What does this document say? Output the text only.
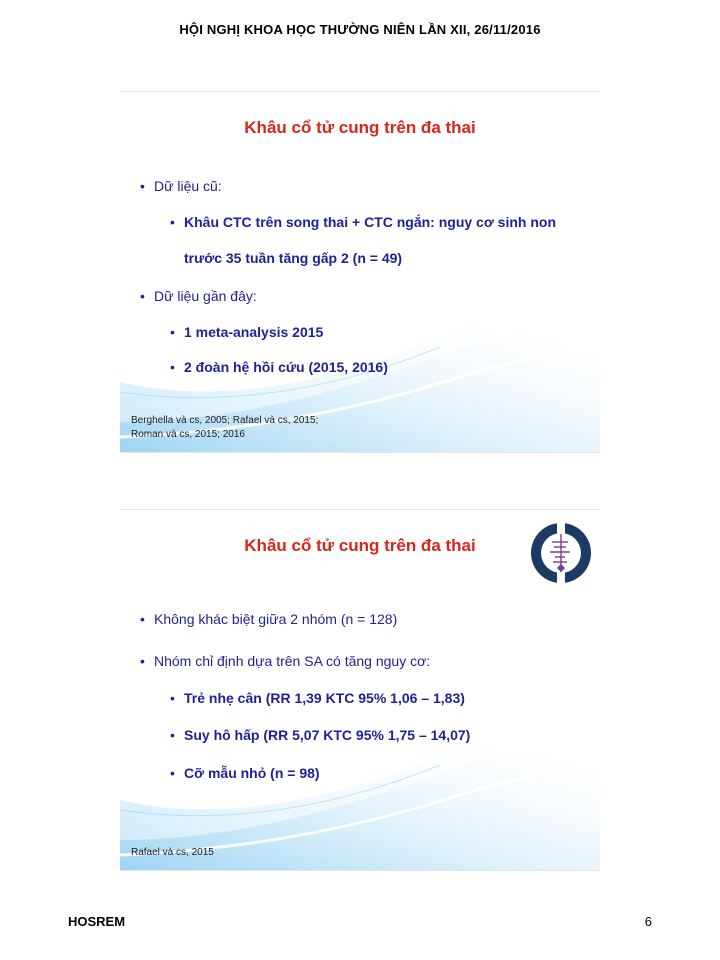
HỘI NGHỊ KHOA HỌC THƯỜNG NIÊN LẦN XII, 26/11/2016
Khâu cổ tử cung trên đa thai
• Dữ liệu cũ:
• Khâu CTC trên song thai + CTC ngắn: nguy cơ sinh non
trước 35 tuần tăng gấp 2 (n = 49)
• Dữ liệu gần đây:
• 1 meta-analysis 2015
• 2 đoàn hệ hồi cứu (2015, 2016)
Berghella và cs, 2005; Rafael và cs, 2015;
Roman và cs, 2015; 2016
Khâu cổ tử cung trên đa thai
• Không khác biệt giữa 2 nhóm (n = 128)
• Nhóm chỉ định dựa trên SA có tăng nguy cơ:
• Trẻ nhẹ cân (RR 1,39 KTC 95% 1,06 – 1,83)
• Suy hô hấp (RR 5,07 KTC 95% 1,75 – 14,07)
• Cỡ mẫu nhỏ (n = 98)
Rafael và cs, 2015
HOSREM	6
